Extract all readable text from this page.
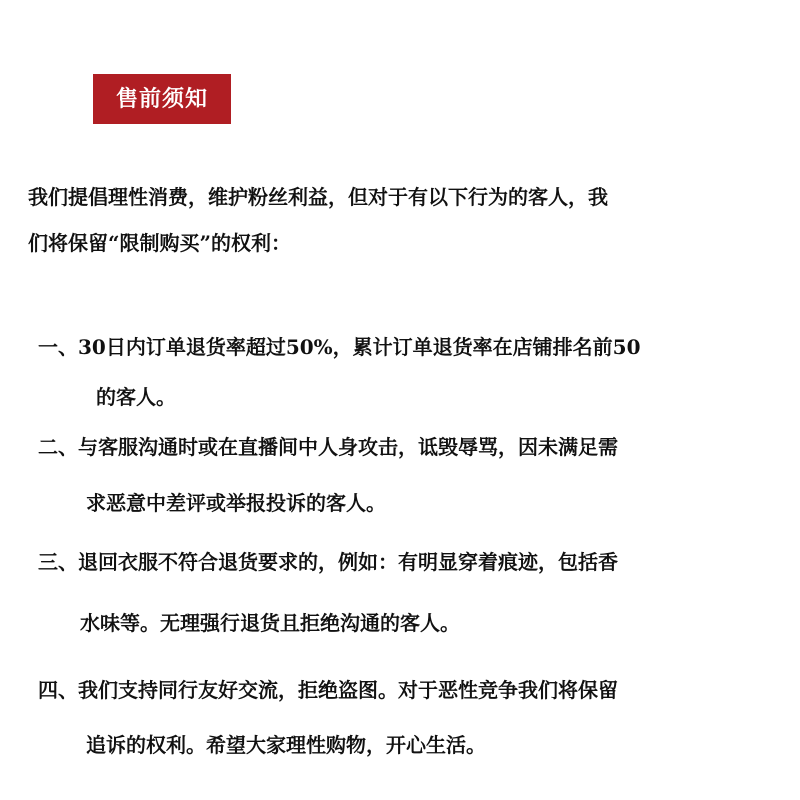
售前须知
我们提倡理性消费，维护粉丝利益，但对于有以下行为的客人，我
们将保留“限制购买”的权利：
一、30日内订单退货率超过50%，累计订单退货率在店铺排名前50
的客人。
二、与客服沟通时或在直播间中人身攻击，诋毁辱骂，因未满足需
求恶意中差评或举报投诉的客人。
三、退回衣服不符合退货要求的，例如：有明显穿着痕迹，包括香
水味等。无理强行退货且拒绝沟通的客人。
四、我们支持同行友好交流，拒绝盗图。对于恶性竞争我们将保留
追诉的权利。希望大家理性购物，开心生活。
